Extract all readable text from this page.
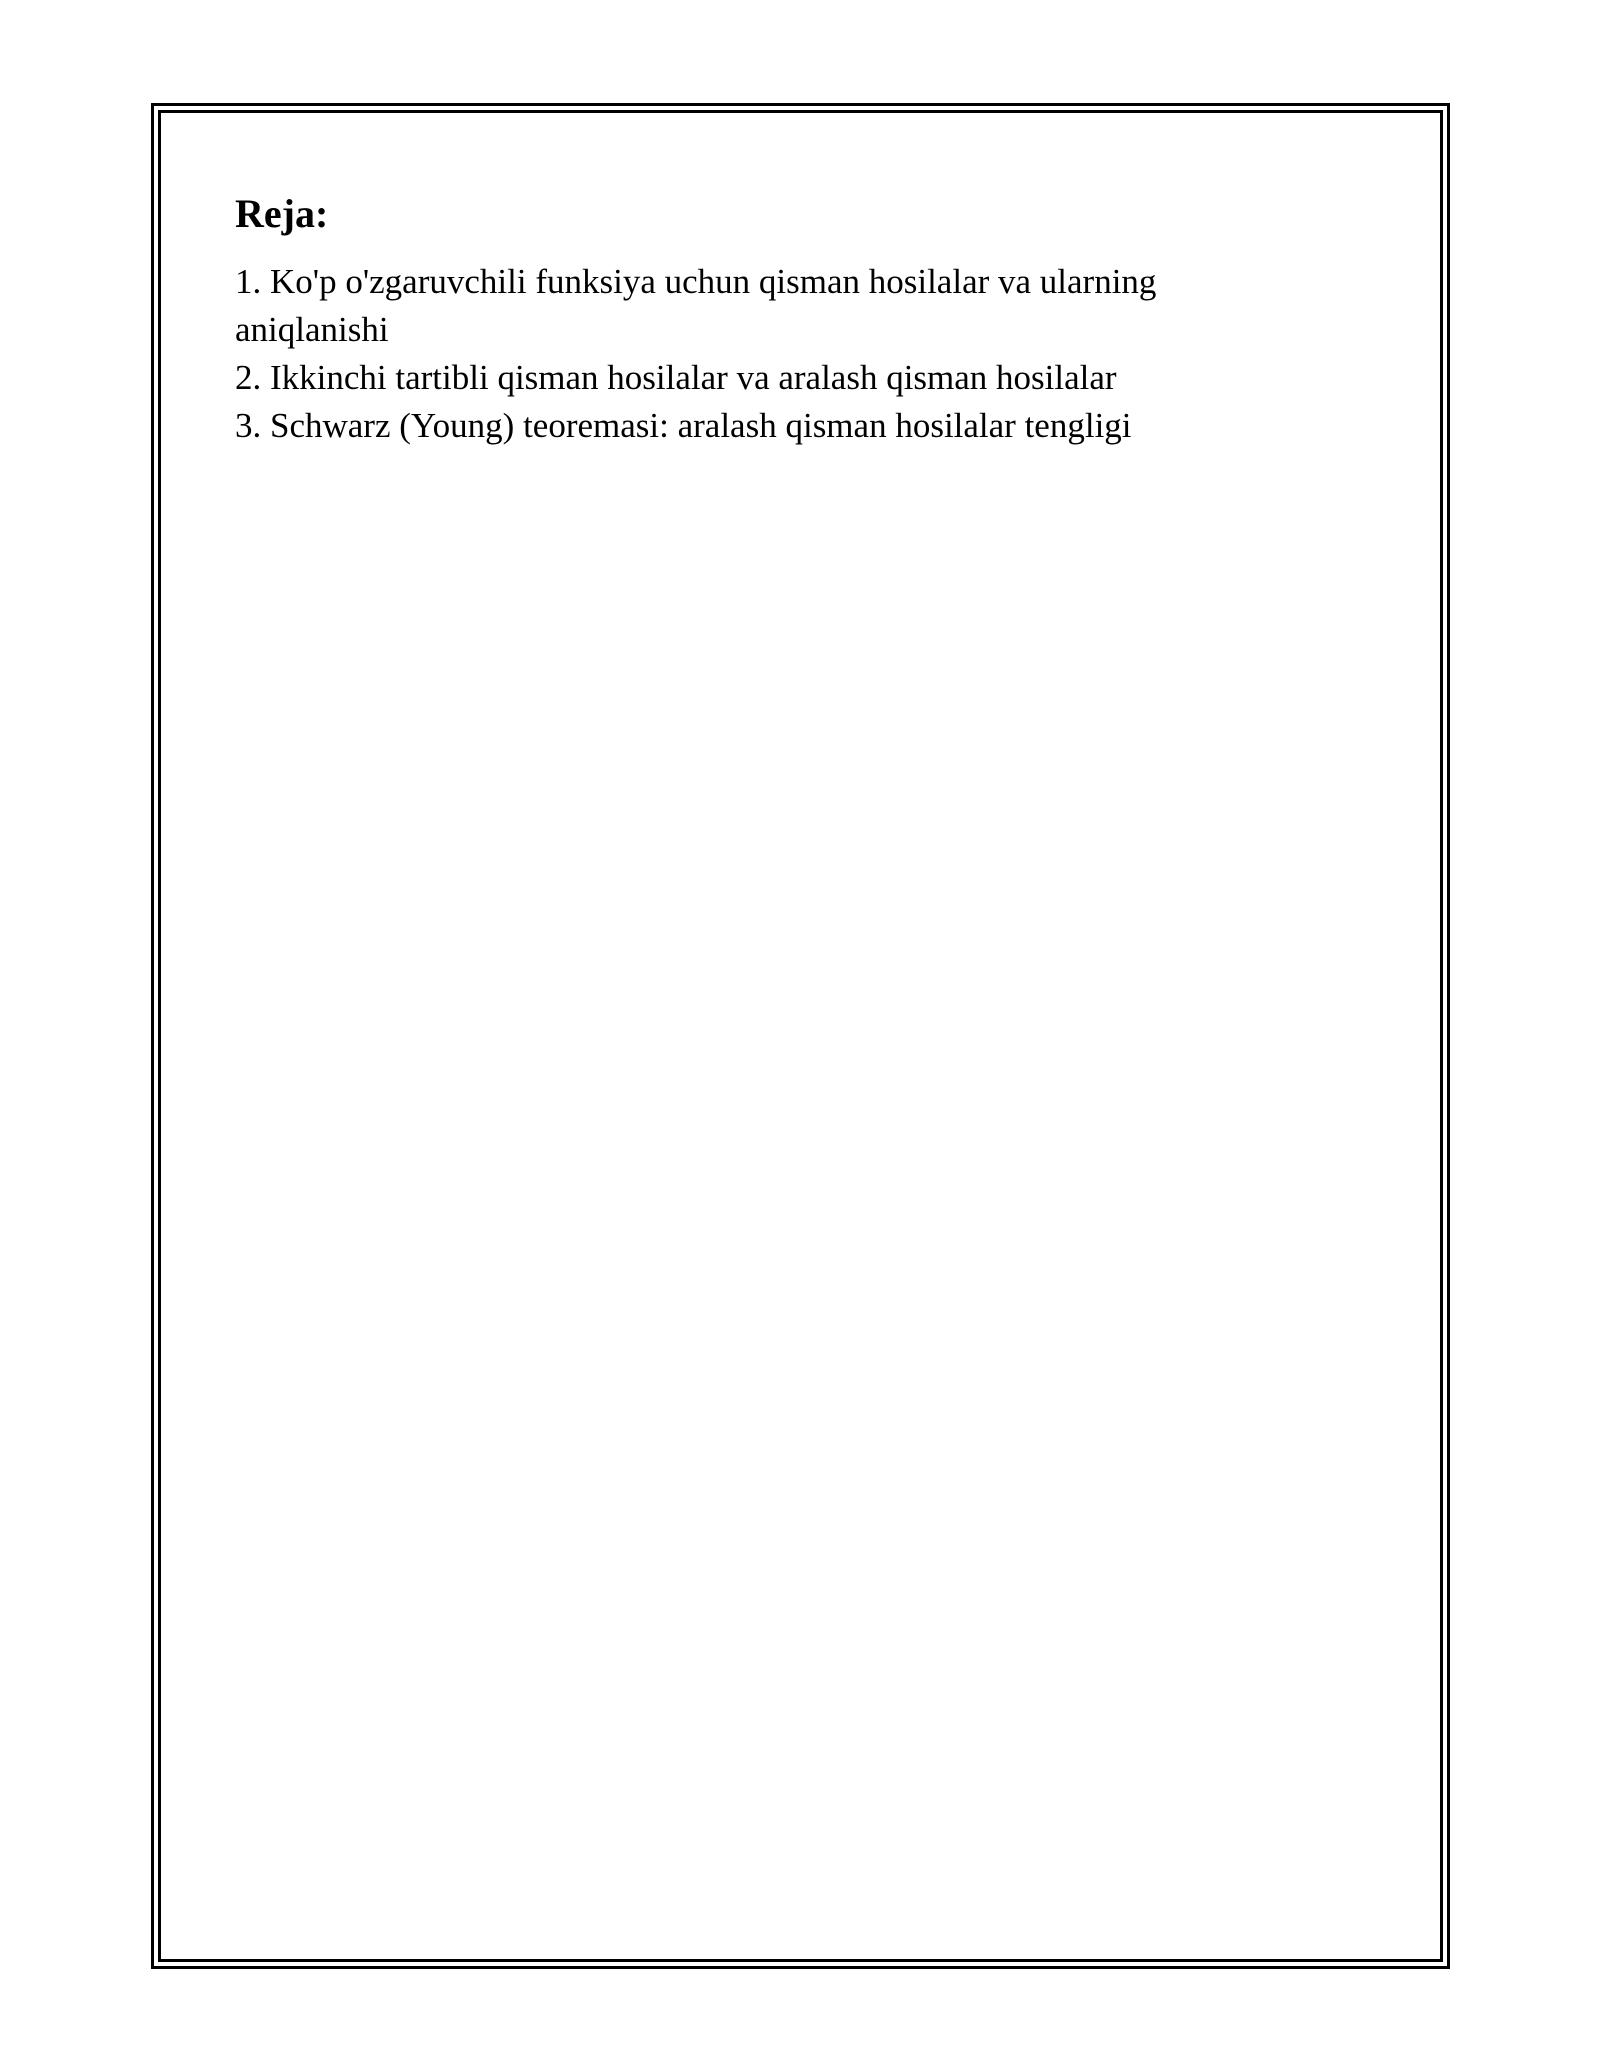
Reja:
1. Ko'p o'zgaruvchili funksiya uchun qisman hosilalar va ularning aniqlanishi
2. Ikkinchi tartibli qisman hosilalar va aralash qisman hosilalar
3. Schwarz (Young) teoremasi: aralash qisman hosilalar tengligi
